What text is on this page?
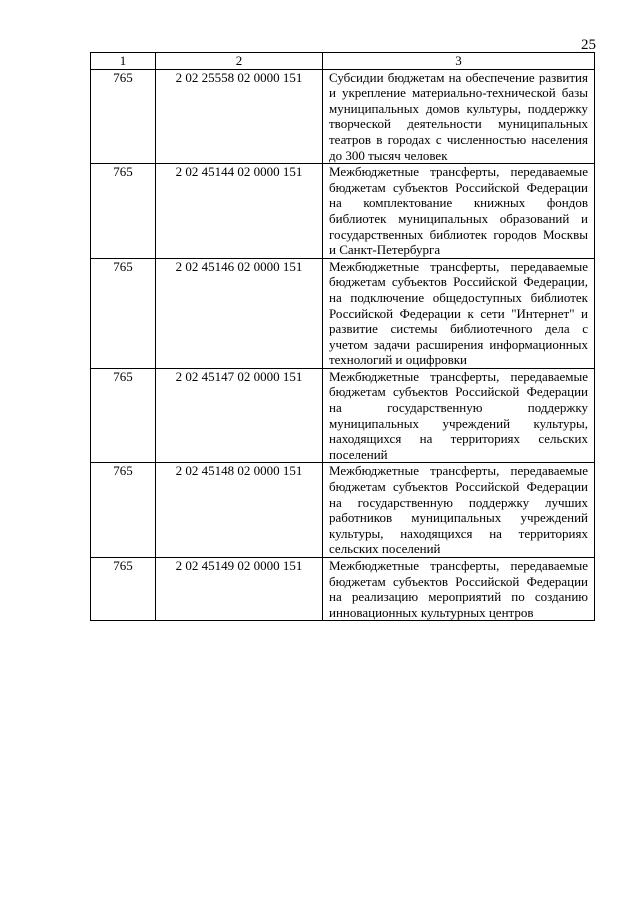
25
1	2	3
765	2 02 25558 02 0000 151	Субсидии бюджетам на обеспечение развития и укрепление материально-технической базы муниципальных домов культуры, поддержку творческой деятельности муниципальных театров в городах с численностью населения до 300 тысяч человек
765	2 02 45144 02 0000 151	Межбюджетные трансферты, передаваемые бюджетам субъектов Российской Федерации на комплектование книжных фондов библиотек муниципальных образований и государственных библиотек городов Москвы и Санкт-Петербурга
765	2 02 45146 02 0000 151	Межбюджетные трансферты, передаваемые бюджетам субъектов Российской Федерации, на подключение общедоступных библиотек Российской Федерации к сети "Интернет" и развитие системы библиотечного дела с учетом задачи расширения информационных технологий и оцифровки
765	2 02 45147 02 0000 151	Межбюджетные трансферты, передаваемые бюджетам субъектов Российской Федерации на государственную поддержку муниципальных учреждений культуры, находящихся на территориях сельских поселений
765	2 02 45148 02 0000 151	Межбюджетные трансферты, передаваемые бюджетам субъектов Российской Федерации на государственную поддержку лучших работников муниципальных учреждений культуры, находящихся на территориях сельских поселений
765	2 02 45149 02 0000 151	Межбюджетные трансферты, передаваемые бюджетам субъектов Российской Федерации на реализацию мероприятий по созданию инновационных культурных центров
